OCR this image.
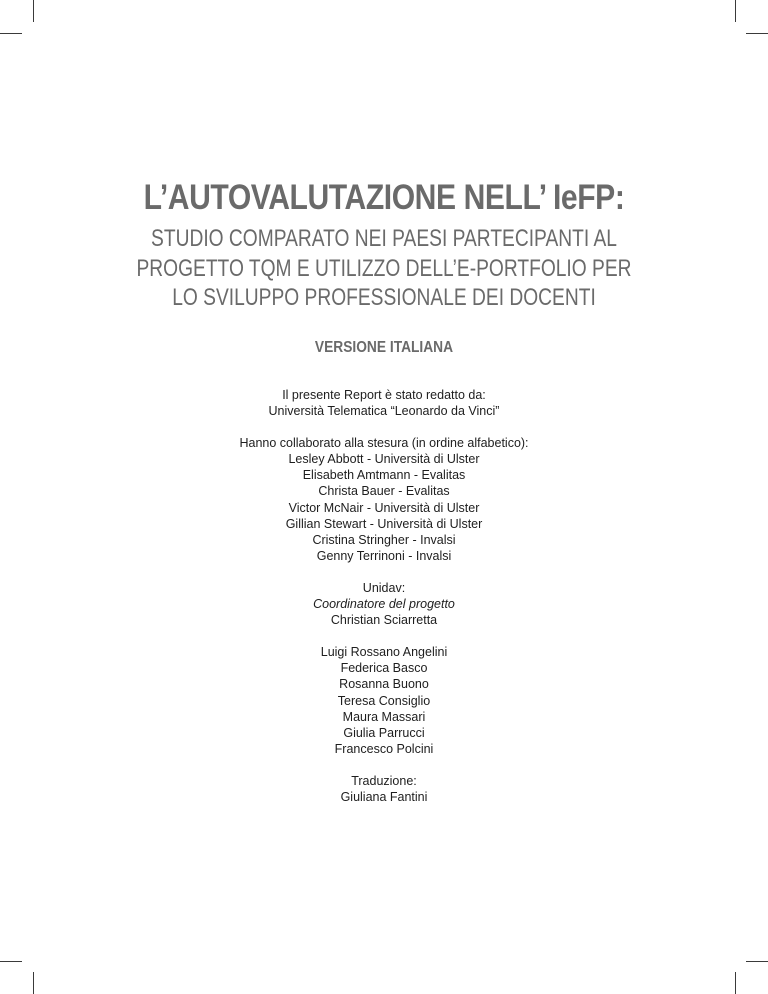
L’AUTOVALUTAZIONE NELL’ IeFP:
STUDIO COMPARATO NEI PAESI PARTECIPANTI AL
PROGETTO TQM E UTILIZZO DELL’E-PORTFOLIO PER
LO SVILUPPO PROFESSIONALE DEI DOCENTI
VERSIONE ITALIANA
Il presente Report è stato redatto da:
Università Telematica “Leonardo da Vinci”
Hanno collaborato alla stesura (in ordine alfabetico):
Lesley Abbott - Università di Ulster
Elisabeth Amtmann - Evalitas
Christa Bauer - Evalitas
Victor McNair - Università di Ulster
Gillian Stewart - Università di Ulster
Cristina Stringher - Invalsi
Genny Terrinoni - Invalsi
Unidav:
Coordinatore del progetto
Christian Sciarretta
Luigi Rossano Angelini
Federica Basco
Rosanna Buono
Teresa Consiglio
Maura Massari
Giulia Parrucci
Francesco Polcini
Traduzione:
Giuliana Fantini
